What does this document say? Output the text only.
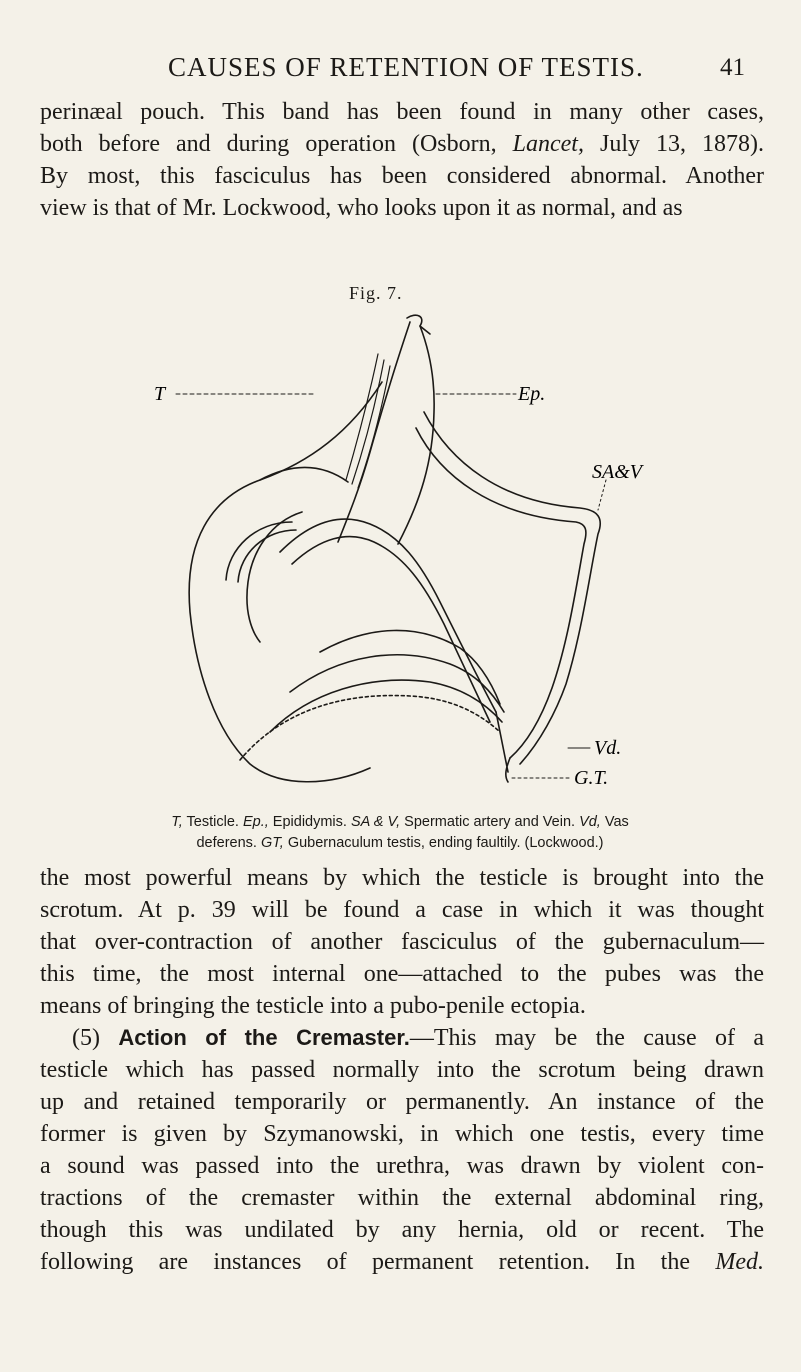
CAUSES OF RETENTION OF TESTIS.	41

perinæal pouch. This band has been found in many other cases,
both before and during operation (Osborn, Lancet, July 13, 1878).
By most, this fasciculus has been considered abnormal. Another
view is that of Mr. Lockwood, who looks upon it as normal, and as

Fig. 7.
T	Ep.
SA&V
Vd.
G.T.
T, Testicle. Ep., Epididymis. SA & V, Spermatic artery and Vein. Vd, Vas
deferens. GT, Gubernaculum testis, ending faultily. (Lockwood.)

the most powerful means by which the testicle is brought into the
scrotum. At p. 39 will be found a case in which it was thought
that over-contraction of another fasciculus of the gubernaculum—
this time, the most internal one—attached to the pubes was the
means of bringing the testicle into a pubo-penile ectopia.

(5) Action of the Cremaster.—This may be the cause of a
testicle which has passed normally into the scrotum being drawn
up and retained temporarily or permanently. An instance of the
former is given by Szymanowski, in which one testis, every time
a sound was passed into the urethra, was drawn by violent con-
tractions of the cremaster within the external abdominal ring,
though this was undilated by any hernia, old or recent. The
following are instances of permanent retention. In the Med.
